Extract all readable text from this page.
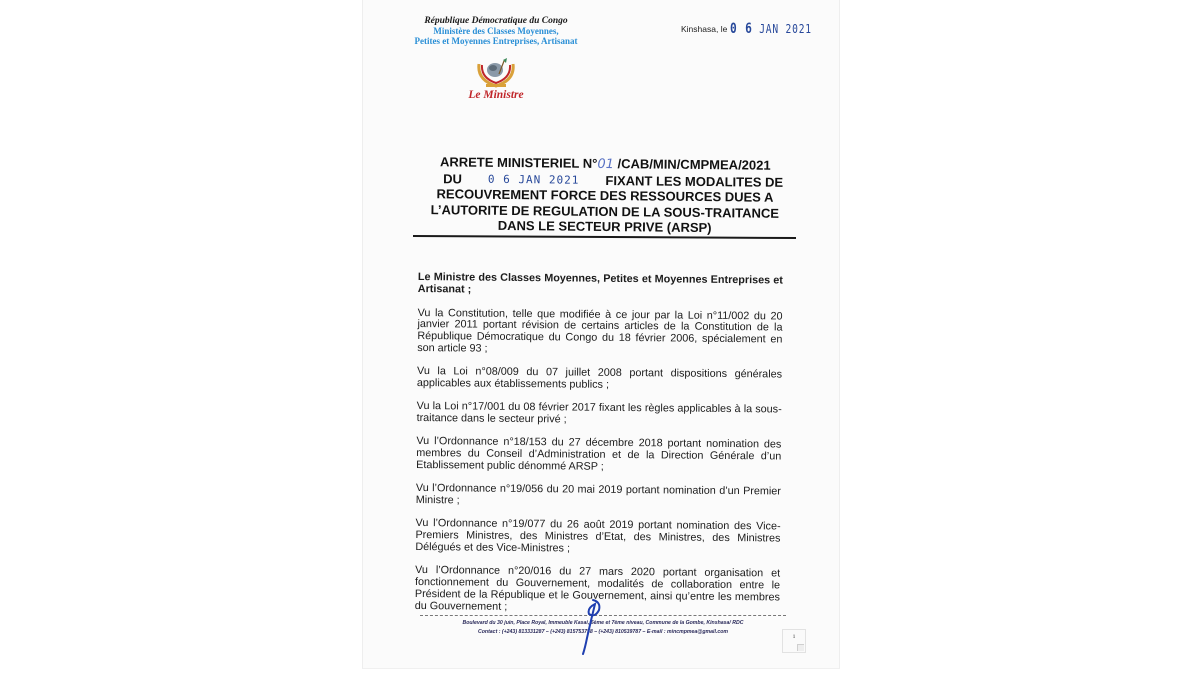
République Démocratique du Congo
Ministère des Classes Moyennes,
Petites et Moyennes Entreprises, Artisanat
Le Ministre
Kinshasa, le 0 6 JAN 2021
ARRETE MINISTERIEL N°01 /CAB/MIN/CMPMEA/2021
DU 0 6 JAN 2021 FIXANT LES MODALITES DE
RECOUVREMENT FORCE DES RESSOURCES DUES A
L’AUTORITE DE REGULATION DE LA SOUS-TRAITANCE
DANS LE SECTEUR PRIVE (ARSP)

Le Ministre des Classes Moyennes, Petites et Moyennes Entreprises et Artisanat ;

Vu la Constitution, telle que modifiée à ce jour par la Loi n°11/002 du 20 janvier 2011 portant révision de certains articles de la Constitution de la République Démocratique du Congo du 18 février 2006, spécialement en son article 93 ;

Vu la Loi n°08/009 du 07 juillet 2008 portant dispositions générales applicables aux établissements publics ;

Vu la Loi n°17/001 du 08 février 2017 fixant les règles applicables à la sous-traitance dans le secteur privé ;

Vu l’Ordonnance n°18/153 du 27 décembre 2018 portant nomination des membres du Conseil d’Administration et de la Direction Générale d’un Etablissement public dénommé ARSP ;

Vu l’Ordonnance n°19/056 du 20 mai 2019 portant nomination d’un Premier Ministre ;

Vu l’Ordonnance n°19/077 du 26 août 2019 portant nomination des Vice-Premiers Ministres, des Ministres d’Etat, des Ministres, des Ministres Délégués et des Vice-Ministres ;

Vu l’Ordonnance n°20/016 du 27 mars 2020 portant organisation et fonctionnement du Gouvernement, modalités de collaboration entre le Président de la République et le Gouvernement, ainsi qu’entre les membres du Gouvernement ;

Boulevard du 30 juin, Place Royal, Immeuble Kasai, 6ème et 7ème niveau, Commune de la Gombe, Kinshasa/ RDC
Contact : (+243) 813331287 – (+243) 815753758 – (+243) 810539787 – E-mail : mincmpmea@gmail.com
1
